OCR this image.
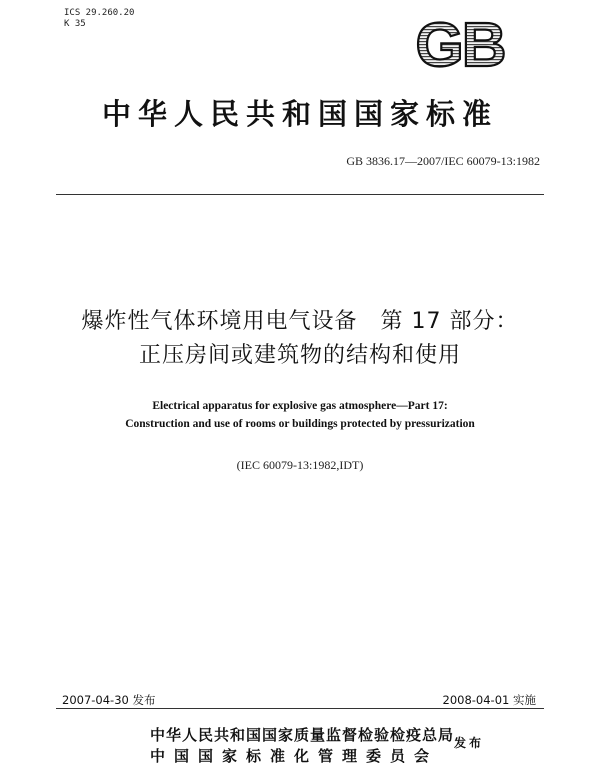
ICS 29.260.20
K 35	GB
中华人民共和国国家标准
GB 3836.17—2007/IEC 60079-13:1982
爆炸性气体环境用电气设备　第 17 部分：
正压房间或建筑物的结构和使用
Electrical apparatus for explosive gas atmosphere—Part 17:
Construction and use of rooms or buildings protected by pressurization
(IEC 60079-13:1982,IDT)
2007-04-30 发布	2008-04-01 实施
中华人民共和国国家质量监督检验检疫总局
中国国家标准化管理委员会
发布
